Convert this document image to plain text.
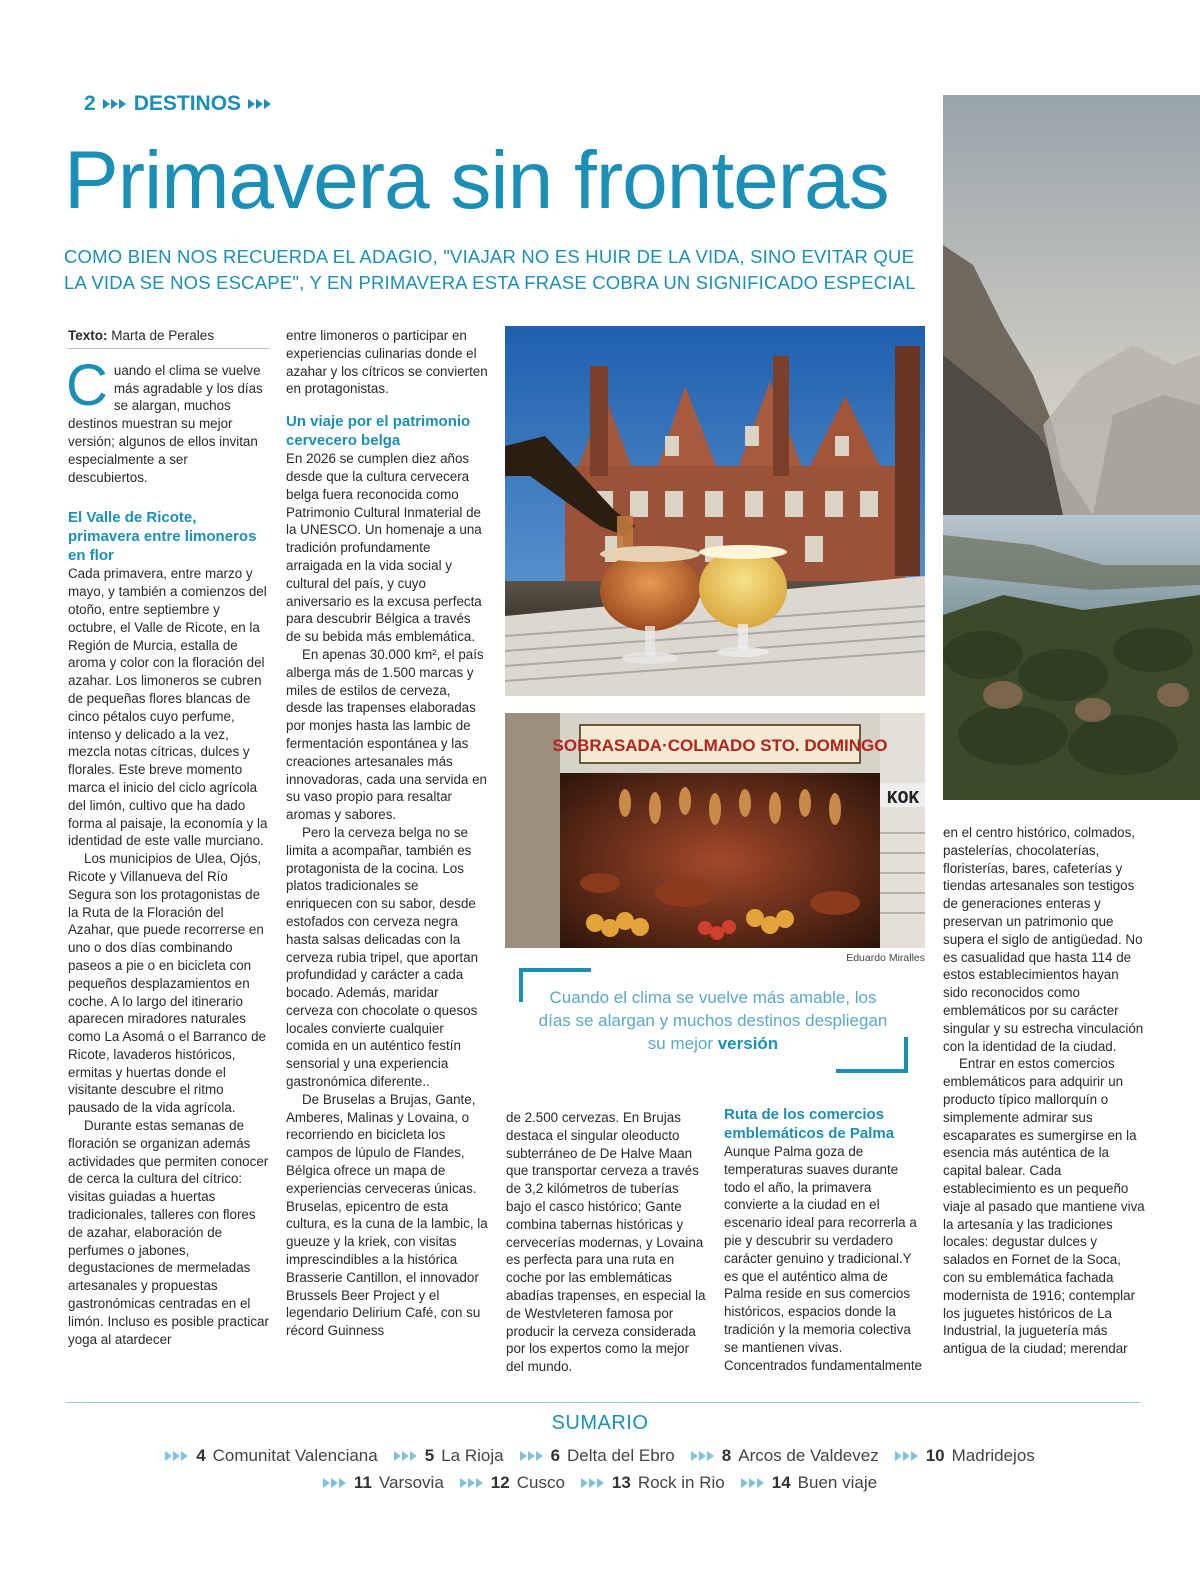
2 DESTINOS
Primavera sin fronteras

COMO BIEN NOS RECUERDA EL ADAGIO, "VIAJAR NO ES HUIR DE LA VIDA, SINO EVITAR QUE LA VIDA SE NOS ESCAPE", Y EN PRIMAVERA ESTA FRASE COBRA UN SIGNIFICADO ESPECIAL

Texto: Marta de Perales

Cuando el clima se vuelve más agradable y los días se alargan, muchos destinos muestran su mejor versión; algunos de ellos invitan especialmente a ser descubiertos.

El Valle de Ricote, primavera entre limoneros en flor

Cada primavera, entre marzo y mayo, y también a comienzos del otoño, entre septiembre y octubre, el Valle de Ricote, en la Región de Murcia, estalla de aroma y color con la floración del azahar. Los limoneros se cubren de pequeñas flores blancas de cinco pétalos cuyo perfume, intenso y delicado a la vez, mezcla notas cítricas, dulces y florales. Este breve momento marca el inicio del ciclo agrícola del limón, cultivo que ha dado forma al paisaje, la economía y la identidad de este valle murciano.

Los municipios de Ulea, Ojós, Ricote y Villanueva del Río Segura son los protagonistas de la Ruta de la Floración del Azahar, que puede recorrerse en uno o dos días combinando paseos a pie o en bicicleta con pequeños desplazamientos en coche. A lo largo del itinerario aparecen miradores naturales como La Asomá o el Barranco de Ricote, lavaderos históricos, ermitas y huertas donde el visitante descubre el ritmo pausado de la vida agrícola.

Durante estas semanas de floración se organizan además actividades que permiten conocer de cerca la cultura del cítrico: visitas guiadas a huertas tradicionales, talleres con flores de azahar, elaboración de perfumes o jabones, degustaciones de mermeladas artesanales y propuestas gastronómicas centradas en el limón. Incluso es posible practicar yoga al atardecer

entre limoneros o participar en experiencias culinarias donde el azahar y los cítricos se convierten en protagonistas.

Un viaje por el patrimonio cervecero belga

En 2026 se cumplen diez años desde que la cultura cervecera belga fuera reconocida como Patrimonio Cultural Inmaterial de la UNESCO. Un homenaje a una tradición profundamente arraigada en la vida social y cultural del país, y cuyo aniversario es la excusa perfecta para descubrir Bélgica a través de su bebida más emblemática.

En apenas 30.000 km², el país alberga más de 1.500 marcas y miles de estilos de cerveza, desde las trapenses elaboradas por monjes hasta las lambic de fermentación espontánea y las creaciones artesanales más innovadoras, cada una servida en su vaso propio para resaltar aromas y sabores.

Pero la cerveza belga no se limita a acompañar, también es protagonista de la cocina. Los platos tradicionales se enriquecen con su sabor, desde estofados con cerveza negra hasta salsas delicadas con la cerveza rubia tripel, que aportan profundidad y carácter a cada bocado. Además, maridar cerveza con chocolate o quesos locales convierte cualquier comida en un auténtico festín sensorial y una experiencia gastronómica diferente..

De Bruselas a Brujas, Gante, Amberes, Malinas y Lovaina, o recorriendo en bicicleta los campos de lúpulo de Flandes, Bélgica ofrece un mapa de experiencias cerveceras únicas. Bruselas, epicentro de esta cultura, es la cuna de la lambic, la gueuze y la kriek, con visitas imprescindibles a la histórica Brasserie Cantillon, el innovador Brussels Beer Project y el legendario Delirium Café, con su récord Guinness

SOBRASADA·COLMADO STO. DOMINGO
KOK
Eduardo Miralles
Cuando el clima se vuelve más amable, los días se alargan y muchos destinos despliegan su mejor versión

de 2.500 cervezas. En Brujas destaca el singular oleoducto subterráneo de De Halve Maan que transportar cerveza a través de 3,2 kilómetros de tuberías bajo el casco histórico; Gante combina tabernas históricas y cervecerías modernas, y Lovaina es perfecta para una ruta en coche por las emblemáticas abadías trapenses, en especial la de Westvleteren famosa por producir la cerveza considerada por los expertos como la mejor del mundo.

Ruta de los comercios emblemáticos de Palma

Aunque Palma goza de temperaturas suaves durante todo el año, la primavera convierte a la ciudad en el escenario ideal para recorrerla a pie y descubrir su verdadero carácter genuino y tradicional.Y es que el auténtico alma de Palma reside en sus comercios históricos, espacios donde la tradición y la memoria colectiva se mantienen vivas. Concentrados fundamentalmente

en el centro histórico, colmados, pastelerías, chocolaterías, floristerías, bares, cafeterías y tiendas artesanales son testigos de generaciones enteras y preservan un patrimonio que supera el siglo de antigüedad. No es casualidad que hasta 114 de estos establecimientos hayan sido reconocidos como emblemáticos por su carácter singular y su estrecha vinculación con la identidad de la ciudad.

Entrar en estos comercios emblemáticos para adquirir un producto típico mallorquín o simplemente admirar sus escaparates es sumergirse en la esencia más auténtica de la capital balear. Cada establecimiento es un pequeño viaje al pasado que mantiene viva la artesanía y las tradiciones locales: degustar dulces y salados en Fornet de la Soca, con su emblemática fachada modernista de 1916; contemplar los juguetes históricos de La Industrial, la juguetería más antigua de la ciudad; merendar

SUMARIO
4 Comunitat Valenciana	5 La Rioja	6 Delta del Ebro	8 Arcos de Valdevez	10 Madridejos
11 Varsovia	12 Cusco	13 Rock in Rio	14 Buen viaje
